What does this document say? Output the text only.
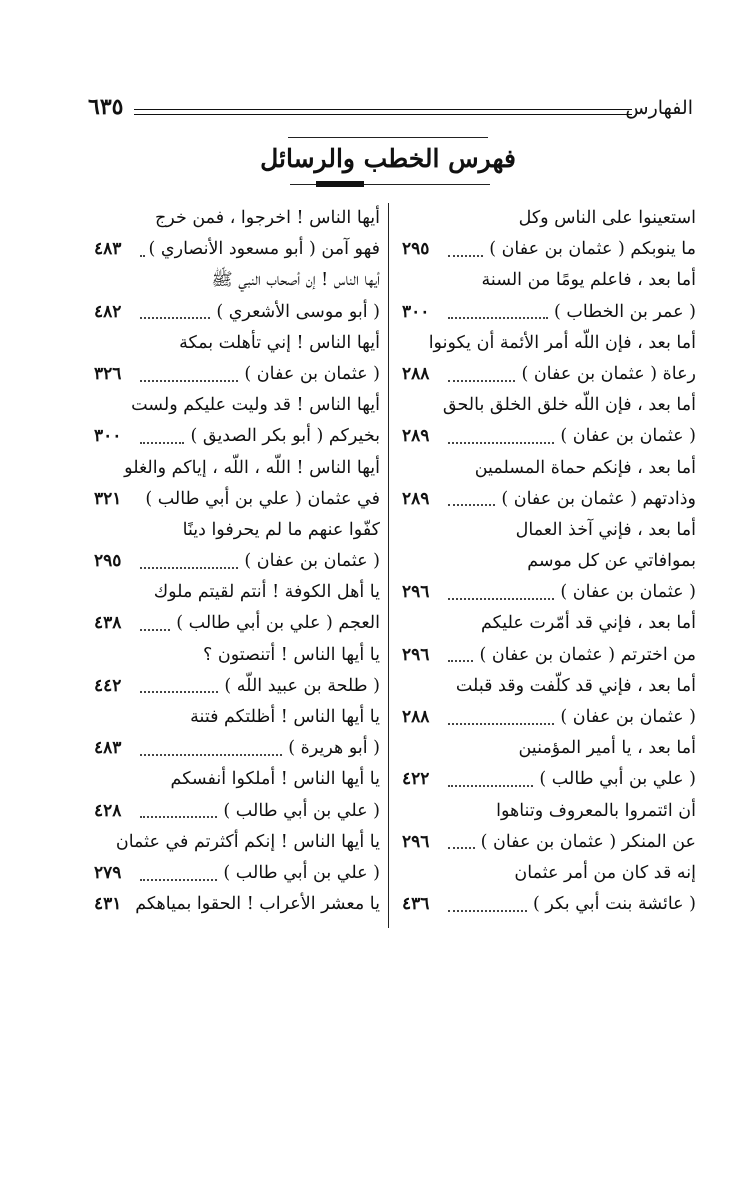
الفهارس
٦٣٥
فهرس الخطب والرسائل
استعينوا على الناس وكل
ما ينوبكم ( عثمان بن عفان )
٢٩٥
أما بعد ، فاعلم يومًا من السنة
( عمر بن الخطاب )
٣٠٠
أما بعد ، فإن اللّه أمر الأئمة أن يكونوا
رعاة ( عثمان بن عفان )
٢٨٨
أما بعد ، فإن اللّه خلق الخلق بالحق
( عثمان بن عفان )
٢٨٩
أما بعد ، فإنكم حماة المسلمين
وذادتهم ( عثمان بن عفان )
٢٨٩
أما بعد ، فإني آخذ العمال
بموافاتي عن كل موسم
( عثمان بن عفان )
٢٩٦
أما بعد ، فإني قد أمّرت عليكم
من اخترتم ( عثمان بن عفان )
٢٩٦
أما بعد ، فإني قد كلّفت وقد قبلت
( عثمان بن عفان )
٢٨٨
أما بعد ، يا أمير المؤمنين
( علي بن أبي طالب )
٤٢٢
أن ائتمروا بالمعروف وتناهوا
عن المنكر ( عثمان بن عفان )
٢٩٦
إنه قد كان من أمر عثمان
( عائشة بنت أبي بكر )
٤٣٦
أيها الناس ! اخرجوا ، فمن خرج
فهو آمن ( أبو مسعود الأنصاري )
٤٨٣
أيها الناس ! إن أصحاب النبي ﷺ
( أبو موسى الأشعري )
٤٨٢
أيها الناس ! إني تأهلت بمكة
( عثمان بن عفان )
٣٢٦
أيها الناس ! قد وليت عليكم ولست
بخيركم ( أبو بكر الصديق )
٣٠٠
أيها الناس ! اللّه ، اللّه ، إياكم والغلو
في عثمان ( علي بن أبي طالب )
٣٢١
كفّوا عنهم ما لم يحرفوا دينًا
( عثمان بن عفان )
٢٩٥
يا أهل الكوفة ! أنتم لقيتم ملوك
العجم ( علي بن أبي طالب )
٤٣٨
يا أيها الناس ! أتنصتون ؟
( طلحة بن عبيد اللّه )
٤٤٢
يا أيها الناس ! أظلتكم فتنة
( أبو هريرة )
٤٨٣
يا أيها الناس ! أملكوا أنفسكم
( علي بن أبي طالب )
٤٢٨
يا أيها الناس ! إنكم أكثرتم في عثمان
( علي بن أبي طالب )
٢٧٩
يا معشر الأعراب ! الحقوا بمياهكم
٤٣١
